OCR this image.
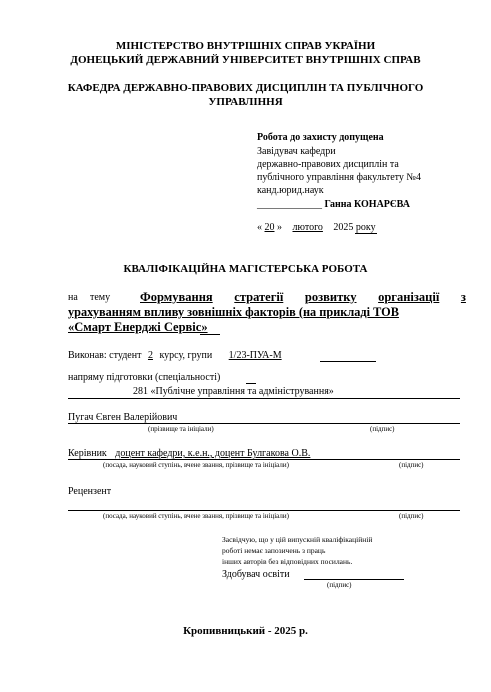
МІНІСТЕРСТВО ВНУТРІШНІХ СПРАВ УКРАЇНИ
ДОНЕЦЬКИЙ ДЕРЖАВНИЙ УНІВЕРСИТЕТ ВНУТРІШНІХ СПРАВ
КАФЕДРА ДЕРЖАВНО-ПРАВОВИХ ДИСЦИПЛІН ТА ПУБЛІЧНОГО
УПРАВЛІННЯ
Робота до захисту допущена
Завідувач кафедри
державно-правових дисциплін та
публічного управління факультету №4
канд.юрид.наук
_____________ Ганна КОНАРЄВА
« 20 » лютого 2025 року
КВАЛІФІКАЦІЙНА МАГІСТЕРСЬКА РОБОТА
на тему Формування стратегії розвитку організації з
урахуванням впливу зовнішніх факторів (на прикладі ТОВ
«Смарт Енерджі Сервіс»
Виконав: студент 2 курсу, групи 1/23-ПУА-М
напряму підготовки (спеціальності)
281 «Публічне управління та адміністрування»
Пугач Євген Валерійович
(прізвище та ініціали)	(підпис)
Керівник доцент кафедри, к.е.н., доцент Булгакова О.В.
(посада, науковий ступінь, вчене звання, прізвище та ініціали)	(підпис)
Рецензент
(посада, науковий ступінь, вчене звання, прізвище та ініціали)	(підпис)
Засвідчую, що у цій випускній кваліфікаційній
роботі немає запозичень з праць
інших авторів без відповідних посилань.
Здобувач освіти
(підпис)
Кропивницький - 2025 р.
